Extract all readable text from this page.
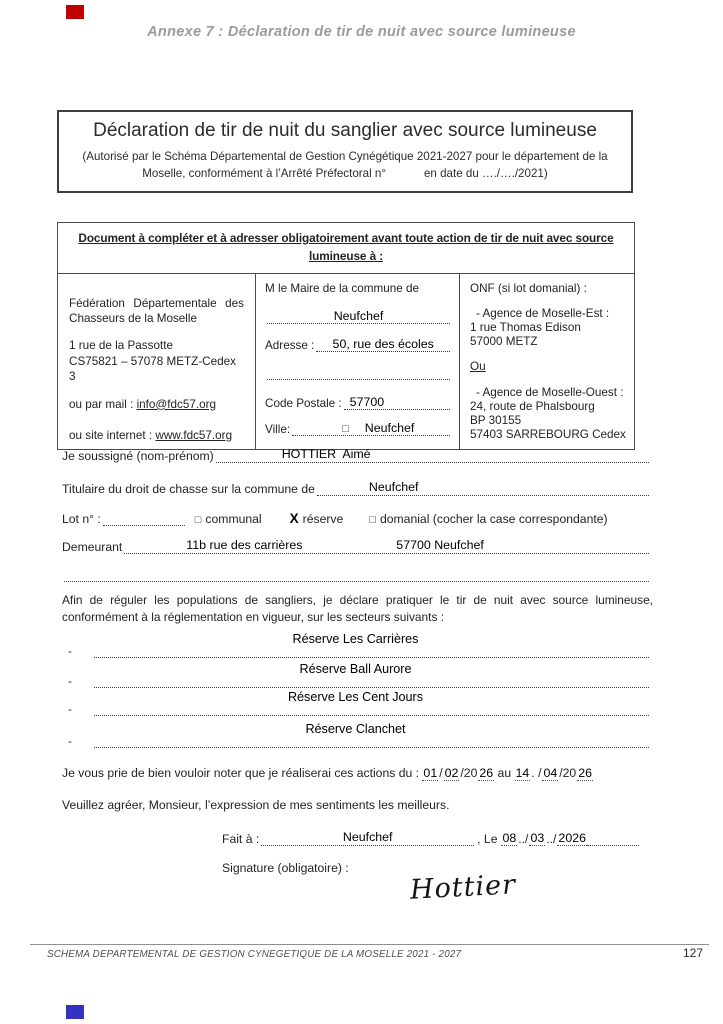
Annexe 7 : Déclaration de tir de nuit avec source lumineuse
Déclaration de tir de nuit du sanglier avec source lumineuse
(Autorisé par le Schéma Départemental de Gestion Cynégétique 2021-2027 pour le département de la
Moselle, conformément à l’Arrêté Préfectoral n°	en date du …./…./2021)
Document à compléter et à adresser obligatoirement avant toute action de tir de nuit avec source lumineuse à :

Fédération Départementale des Chasseurs de la Moselle

1 rue de la Passotte

CS75821 – 57078 METZ-Cedex 3

ou par mail : info@fdc57.org

ou site internet : www.fdc57.org

M le Maire de la commune de
Neufchef
Adresse :	50, rue des écoles
Code Postale : 57700
Ville:	□ Neufchef

ONF (si lot domanial) :

- Agence de Moselle-Est :

1 rue Thomas Edison

57000 METZ

Ou

- Agence de Moselle-Ouest :

24, route de Phalsbourg

BP 30155

57403 SARREBOURG Cedex

Je soussigné (nom-prénom)	HOTTIER  Aimé
Titulaire du droit de chasse sur la commune de	Neufchef
Lot n° :	□ communal X réserve □ domanial (cocher la case correspondante)
Demeurant	11b rue des carrières	57700 Neufchef
Afin de réguler les populations de sangliers, je déclare pratiquer le tir de nuit avec source lumineuse, conformément à la réglementation en vigueur, sur les secteurs suivants :
Réserve Les Carrières
-
Réserve Ball Aurore
-
Réserve Les Cent Jours
-
Réserve Clanchet
-
Je vous prie de bien vouloir noter que je réaliserai ces actions du : 01 / 02 /20 26 au 14 . / 04 /20 26
Veuillez agréer, Monsieur, l’expression de mes sentiments les meilleurs.
Fait à :	Neufchef	, Le 08 ../ 03 ../ 2026
Signature (obligatoire) :
Hottier
SCHEMA DEPARTEMENTAL DE GESTION CYNEGETIQUE DE LA MOSELLE 2021 - 2027	127
